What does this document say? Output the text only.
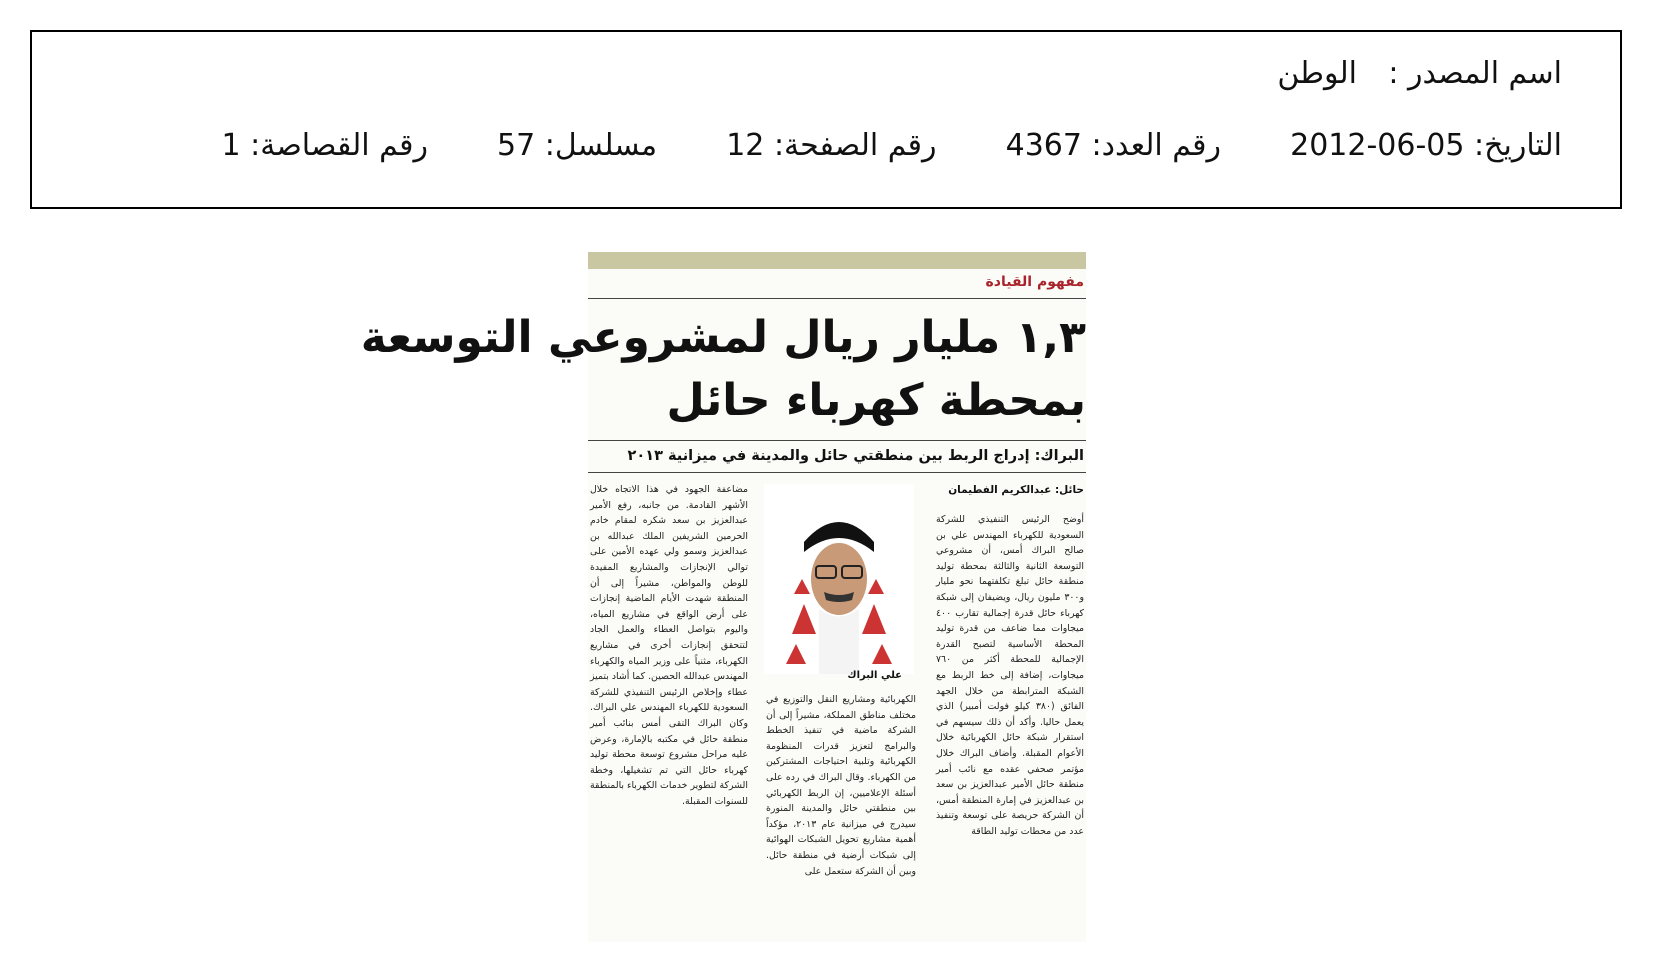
اسم المصدر :الوطن
التاريخ: 2012-06-05  رقم العدد: 4367  رقم الصفحة: 12  مسلسل: 57  رقم القصاصة: 1
مفهوم القيادة
١,٣ مليار ريال لمشروعي التوسعة
بمحطة كهرباء حائل
البراك: إدراج الربط بين منطقتي حائل والمدينة في ميزانية ٢٠١٣
حائل: عبدالكريم الفطيمان
علي البراك

أوضح الرئيس التنفيذي للشركة السعودية للكهرباء المهندس علي بن صالح البراك أمس، أن مشروعي التوسعة الثانية والثالثة بمحطة توليد منطقة حائل تبلغ تكلفتهما نحو مليار و٣٠٠ مليون ريال، ويضيفان إلى شبكة كهرباء حائل قدرة إجمالية تقارب ٤٠٠ ميجاوات مما ضاعف من قدرة توليد المحطة الأساسية لتصبح القدرة الإجمالية للمحطة أكثر من ٧٦٠ ميجاوات، إضافة إلى خط الربط مع الشبكة المترابطة من خلال الجهد الفائق (٣٨٠ كيلو فولت أمبير) الذي يعمل حاليا. وأكد أن ذلك سيسهم في استقرار شبكة حائل الكهربائية خلال الأعوام المقبلة. وأضاف البراك خلال مؤتمر صحفي عقده مع نائب أمير منطقة حائل الأمير عبدالعزيز بن سعد بن عبدالعزيز في إمارة المنطقة أمس، أن الشركة حريصة على توسعة وتنفيذ عدد من محطات توليد الطاقة

الكهربائية ومشاريع النقل والتوزيع في مختلف مناطق المملكة، مشيراً إلى أن الشركة ماضية في تنفيذ الخطط والبرامج لتعزيز قدرات المنظومة الكهربائية وتلبية احتياجات المشتركين من الكهرباء. وقال البراك في رده على أسئلة الإعلاميين، إن الربط الكهربائي بين منطقتي حائل والمدينة المنورة سيدرج في ميزانية عام ٢٠١٣، مؤكداً أهمية مشاريع تحويل الشبكات الهوائية إلى شبكات أرضية في منطقة حائل. وبين أن الشركة ستعمل على

مضاعفة الجهود في هذا الاتجاه خلال الأشهر القادمة. من جانبه، رفع الأمير عبدالعزيز بن سعد شكره لمقام خادم الحرمين الشريفين الملك عبدالله بن عبدالعزيز وسمو ولي عهده الأمين على توالي الإنجازات والمشاريع المفيدة للوطن والمواطن، مشيراً إلى أن المنطقة شهدت الأيام الماضية إنجازات على أرض الواقع في مشاريع المياه، واليوم بتواصل العطاء والعمل الجاد لتتحقق إنجازات أخرى في مشاريع الكهرباء، مثنياً على وزير المياه والكهرباء المهندس عبدالله الحصين. كما أشاد بتميز عطاء وإخلاص الرئيس التنفيذي للشركة السعودية للكهرباء المهندس علي البراك. وكان البراك التقى أمس بنائب أمير منطقة حائل في مكتبه بالإمارة، وعرض عليه مراحل مشروع توسعة محطة توليد كهرباء حائل التي تم تشغيلها، وخطة الشركة لتطوير خدمات الكهرباء بالمنطقة للسنوات المقبلة.
